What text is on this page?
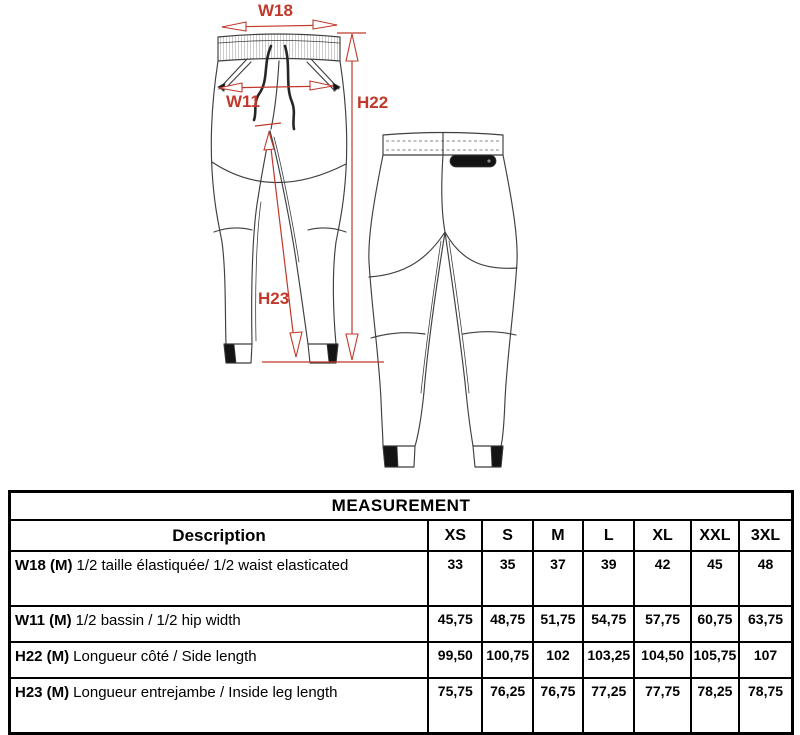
W18
W11	H22
H23
MEASUREMENT							
Description	XS	S	M	L	XL	XXL	3XL
W18 (M) 1/2 taille élastiquée/ 1/2 waist elasticated	33	35	37	39	42	45	48
W11 (M) 1/2 bassin / 1/2 hip width	45,75	48,75	51,75	54,75	57,75	60,75	63,75
H22 (M) Longueur côté / Side length	99,50	100,75	102	103,25	104,50	105,75	107
H23 (M) Longueur entrejambe / Inside leg length	75,75	76,25	76,75	77,25	77,75	78,25	78,75
